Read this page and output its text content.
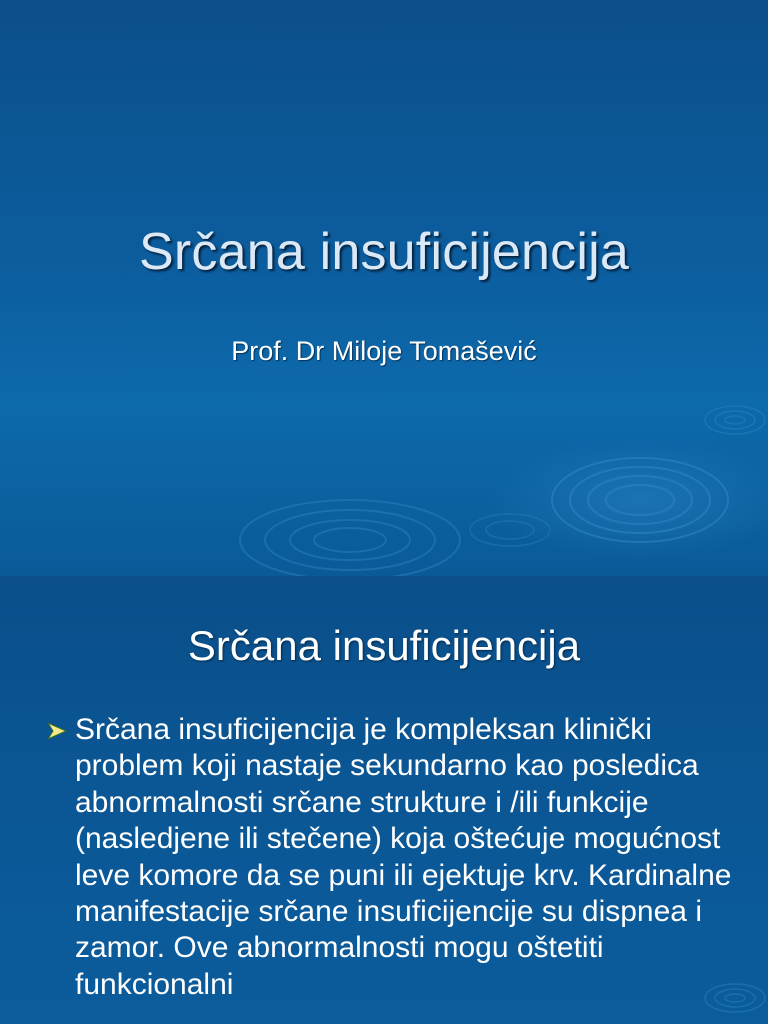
Srčana insuficijencija
Prof. Dr Miloje Tomašević
Srčana insuficijencija
Srčana insuficijencija je kompleksan klinički problem koji nastaje sekundarno kao posledica abnormalnosti srčane strukture i /ili funkcije (nasledjene ili stečene) koja oštećuje mogućnost leve komore da se puni ili ejektuje krv. Kardinalne manifestacije srčane insuficijencije su dispnea i zamor. Ove abnormalnosti mogu oštetiti funkcionalni
